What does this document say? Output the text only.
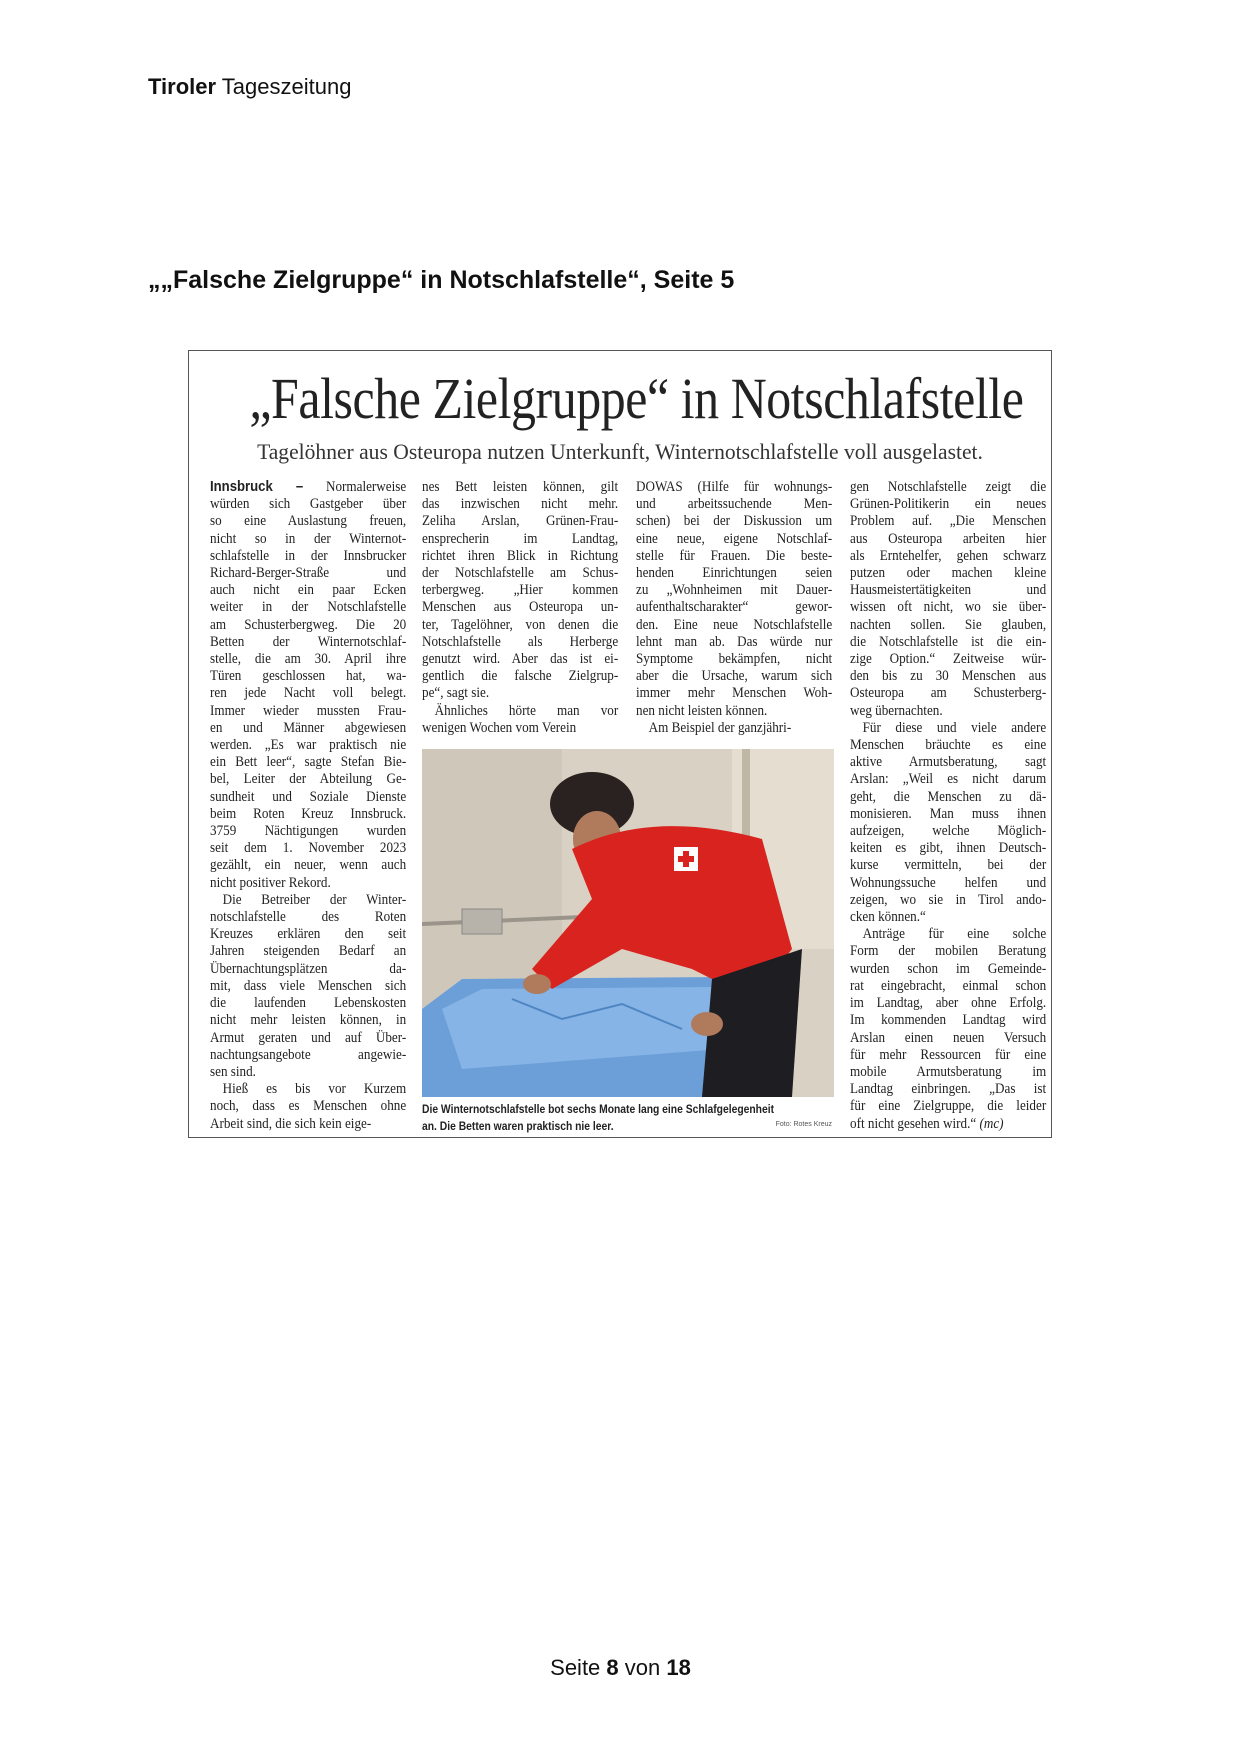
Tiroler Tageszeitung
„„Falsche Zielgruppe“ in Notschlafstelle“, Seite 5
„Falsche Zielgruppe“ in Notschlafstelle
Tagelöhner aus Osteuropa nutzen Unterkunft, Winternotschlafstelle voll ausgelastet.
Innsbruck – Normalerweise
würden sich Gastgeber über
so eine Auslastung freuen,
nicht so in der Winternot-
schlafstelle in der Innsbrucker
Richard-Berger-Straße und
auch nicht ein paar Ecken
weiter in der Notschlafstelle
am Schusterbergweg. Die 20
Betten der Winternotschlaf-
stelle, die am 30. April ihre
Türen geschlossen hat, wa-
ren jede Nacht voll belegt.
Immer wieder mussten Frau-
en und Männer abgewiesen
werden. „Es war praktisch nie
ein Bett leer“, sagte Stefan Bie-
bel, Leiter der Abteilung Ge-
sundheit und Soziale Dienste
beim Roten Kreuz Innsbruck.
3759 Nächtigungen wurden
seit dem 1. November 2023
gezählt, ein neuer, wenn auch
nicht positiver Rekord.
Die Betreiber der Winter-
notschlafstelle des Roten
Kreuzes erklären den seit
Jahren steigenden Bedarf an
Übernachtungsplätzen da-
mit, dass viele Menschen sich
die laufenden Lebenskosten
nicht mehr leisten können, in
Armut geraten und auf Über-
nachtungsangebote angewie-
sen sind.
Hieß es bis vor Kurzem
noch, dass es Menschen ohne
Arbeit sind, die sich kein eige-
nes Bett leisten können, gilt
das inzwischen nicht mehr.
Zeliha Arslan, Grünen-Frau-
ensprecherin im Landtag,
richtet ihren Blick in Richtung
der Notschlafstelle am Schus-
terbergweg. „Hier kommen
Menschen aus Osteuropa un-
ter, Tagelöhner, von denen die
Notschlafstelle als Herberge
genutzt wird. Aber das ist ei-
gentlich die falsche Zielgrup-
pe“, sagt sie.
Ähnliches hörte man vor
wenigen Wochen vom Verein
DOWAS (Hilfe für wohnungs-
und arbeitssuchende Men-
schen) bei der Diskussion um
eine neue, eigene Notschlaf-
stelle für Frauen. Die beste-
henden Einrichtungen seien
zu „Wohnheimen mit Dauer-
aufenthaltscharakter“ gewor-
den. Eine neue Notschlafstelle
lehnt man ab. Das würde nur
Symptome bekämpfen, nicht
aber die Ursache, warum sich
immer mehr Menschen Woh-
nen nicht leisten können.
Am Beispiel der ganzjähri-
gen Notschlafstelle zeigt die
Grünen-Politikerin ein neues
Problem auf. „Die Menschen
aus Osteuropa arbeiten hier
als Erntehelfer, gehen schwarz
putzen oder machen kleine
Hausmeistertätigkeiten und
wissen oft nicht, wo sie über-
nachten sollen. Sie glauben,
die Notschlafstelle ist die ein-
zige Option.“ Zeitweise wür-
den bis zu 30 Menschen aus
Osteuropa am Schusterberg-
weg übernachten.
Für diese und viele andere
Menschen bräuchte es eine
aktive Armutsberatung, sagt
Arslan: „Weil es nicht darum
geht, die Menschen zu dä-
monisieren. Man muss ihnen
aufzeigen, welche Möglich-
keiten es gibt, ihnen Deutsch-
kurse vermitteln, bei der
Wohnungssuche helfen und
zeigen, wo sie in Tirol ando-
cken können.“
Anträge für eine solche
Form der mobilen Beratung
wurden schon im Gemeinde-
rat eingebracht, einmal schon
im Landtag, aber ohne Erfolg.
Im kommenden Landtag wird
Arslan einen neuen Versuch
für mehr Ressourcen für eine
mobile Armutsberatung im
Landtag einbringen. „Das ist
für eine Zielgruppe, die leider
oft nicht gesehen wird.“ (mc)
Die Winternotschlafstelle bot sechs Monate lang eine Schlafgelegenheit
an. Die Betten waren praktisch nie leer.	Foto: Rotes Kreuz
Seite 8 von 18
